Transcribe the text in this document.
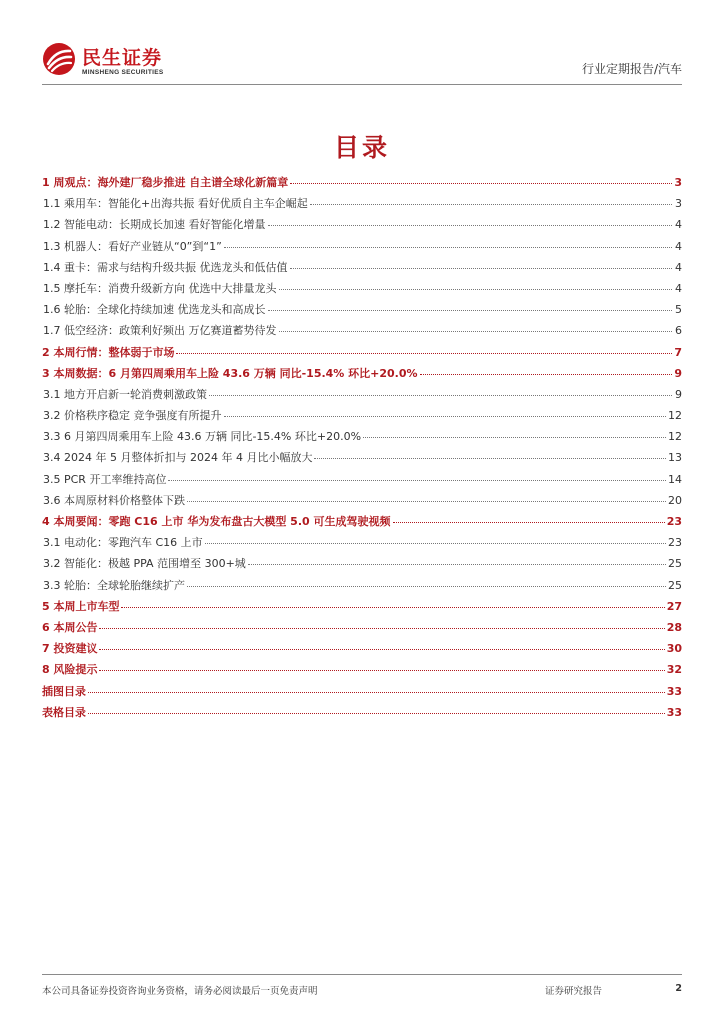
民生证券
MINSHENG SECURITIES	行业定期报告/汽车
目录
1 周观点：海外建厂稳步推进 自主谱全球化新篇章	3
1.1 乘用车：智能化+出海共振 看好优质自主车企崛起	3
1.2 智能电动：长期成长加速 看好智能化增量	4
1.3 机器人：看好产业链从“0”到“1”	4
1.4 重卡：需求与结构升级共振 优选龙头和低估值	4
1.5 摩托车：消费升级新方向 优选中大排量龙头	4
1.6 轮胎：全球化持续加速 优选龙头和高成长	5
1.7 低空经济：政策利好频出 万亿赛道蓄势待发	6
2 本周行情：整体弱于市场	7
3 本周数据：6 月第四周乘用车上险 43.6 万辆 同比-15.4% 环比+20.0%	9
3.1 地方开启新一轮消费刺激政策	9
3.2 价格秩序稳定 竞争强度有所提升	12
3.3 6 月第四周乘用车上险 43.6 万辆 同比-15.4% 环比+20.0%	12
3.4 2024 年 5 月整体折扣与 2024 年 4 月比小幅放大	13
3.5 PCR 开工率维持高位	14
3.6 本周原材料价格整体下跌	20
4 本周要闻：零跑 C16 上市 华为发布盘古大模型 5.0 可生成驾驶视频	23
3.1 电动化：零跑汽车 C16 上市	23
3.2 智能化：极越 PPA 范围增至 300+城	25
3.3 轮胎：全球轮胎继续扩产	25
5 本周上市车型	27
6 本周公告	28
7 投资建议	30
8 风险提示	32
插图目录	33
表格目录	33
本公司具备证券投资咨询业务资格，请务必阅读最后一页免责声明	证券研究报告	2
